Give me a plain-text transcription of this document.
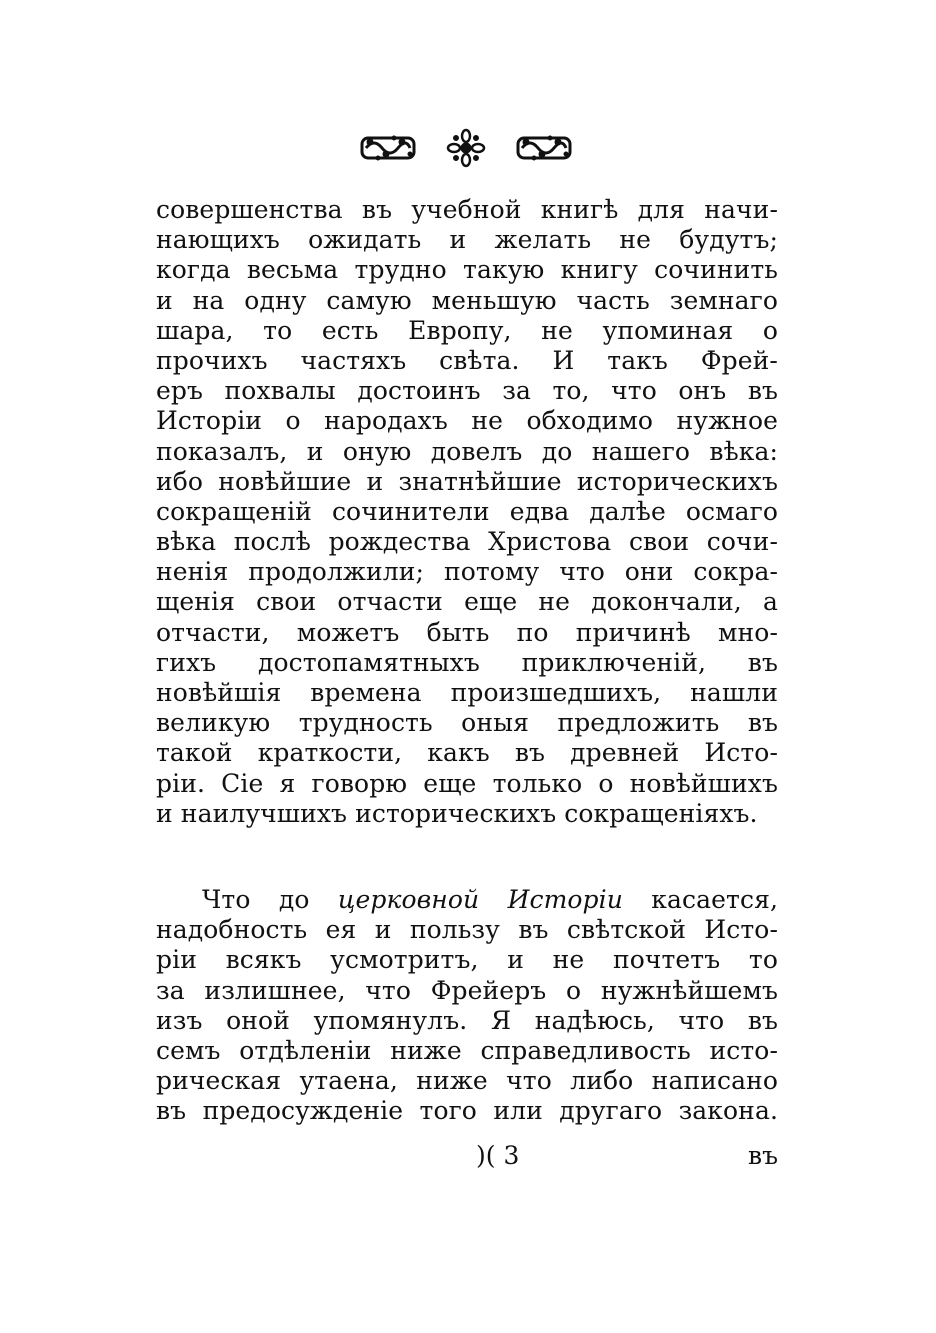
совершенства въ учебной книгѣ для начи-
нающихъ ожидать и желать не будутъ;
когда весьма трудно такую книгу сочинить
и на одну самую меньшую часть земнаго
шара, то есть Европу, не упоминая о
прочихъ частяхъ свѣта. И такъ Фрей-
еръ похвалы достоинъ за то, что онъ въ
Исторiи о народахъ не обходимо нужное
показалъ, и оную довелъ до нашего вѣка:
ибо новѣйшие и знатнѣйшие историческихъ
сокращенiй сочинители едва далѣе осмаго
вѣка послѣ рождества Христова свои сочи-
ненiя продолжили; потому что они сокра-
щенiя свои отчасти еще не докончали, а
отчасти, можетъ быть по причинѣ мно-
гихъ достопамятныхъ приключенiй, въ
новѣйшiя времена произшедшихъ, нашли
великую трудность оныя предложить въ
такой краткости, какъ въ древней Исто-
рiи. Сiе я говорю еще только о новѣйшихъ
и наилучшихъ историческихъ сокращенiяхъ.
Что до церковной Исторiи касается,
надобность ея и пользу въ свѣтской Исто-
рiи всякъ усмотритъ, и не почтетъ то
за излишнее, что Фрейеръ о нужнѣйшемъ
изъ оной упомянулъ. Я надѣюсь, что въ
семъ отдѣленiи ниже справедливость исто-
рическая утаена, ниже что либо написано
въ предосужденiе того или другаго закона.
)( 3	въ
